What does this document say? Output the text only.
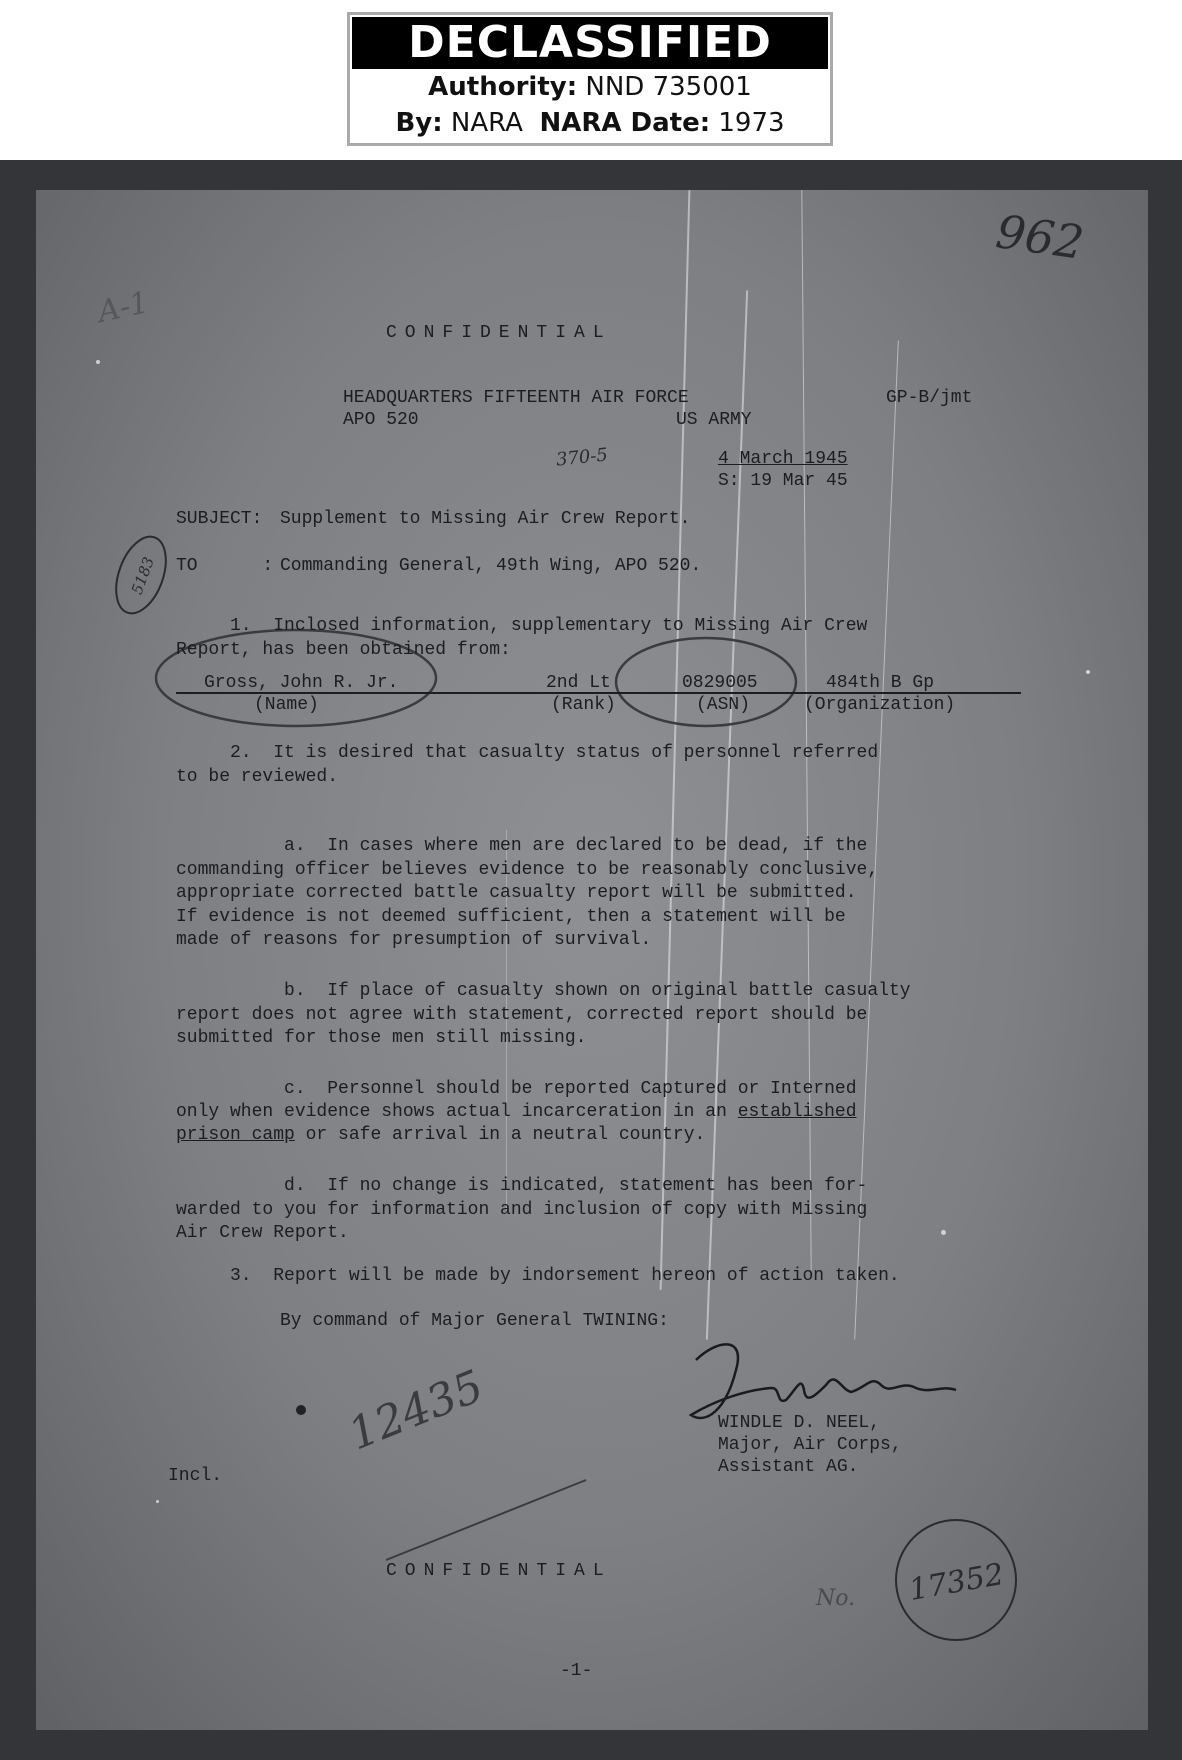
DECLASSIFIED
Authority: NND 735001
By: NARA NARA Date: 1973
962
A-1
370-5
5183
CONFIDENTIAL
HEADQUARTERS FIFTEENTH AIR FORCE
APO 520	US ARMY
GP-B/jmt
4 March 1945
S: 19 Mar 45
SUBJECT: Supplement to Missing Air Crew Report.
TO      : Commanding General, 49th Wing, APO 520.
1.  Inclosed information, supplementary to Missing Air Crew
Report, has been obtained from:
Gross, John R. Jr.	2nd Lt	0829005	484th B Gp
(Name)	(Rank)	(ASN)	(Organization)
2.  It is desired that casualty status of personnel referred
to be reviewed.
a.  In cases where men are declared to be dead, if the
commanding officer believes evidence to be reasonably conclusive,
appropriate corrected battle casualty report will be submitted.
If evidence is not deemed sufficient, then a statement will be
made of reasons for presumption of survival.
b.  If place of casualty shown on original battle casualty
report does not agree with statement, corrected report should be
submitted for those men still missing.
c.  Personnel should be reported Captured or Interned
only when evidence shows actual incarceration in an established
prison camp or safe arrival in a neutral country.
d.  If no change is indicated, statement has been for-
warded to you for information and inclusion of copy with Missing
Air Crew Report.
3.  Report will be made by indorsement hereon of action taken.
By command of Major General TWINING:
WINDLE D. NEEL,
Major, Air Corps,
Assistant AG.
Incl.
12435
CONFIDENTIAL	17352
No.
-1-
